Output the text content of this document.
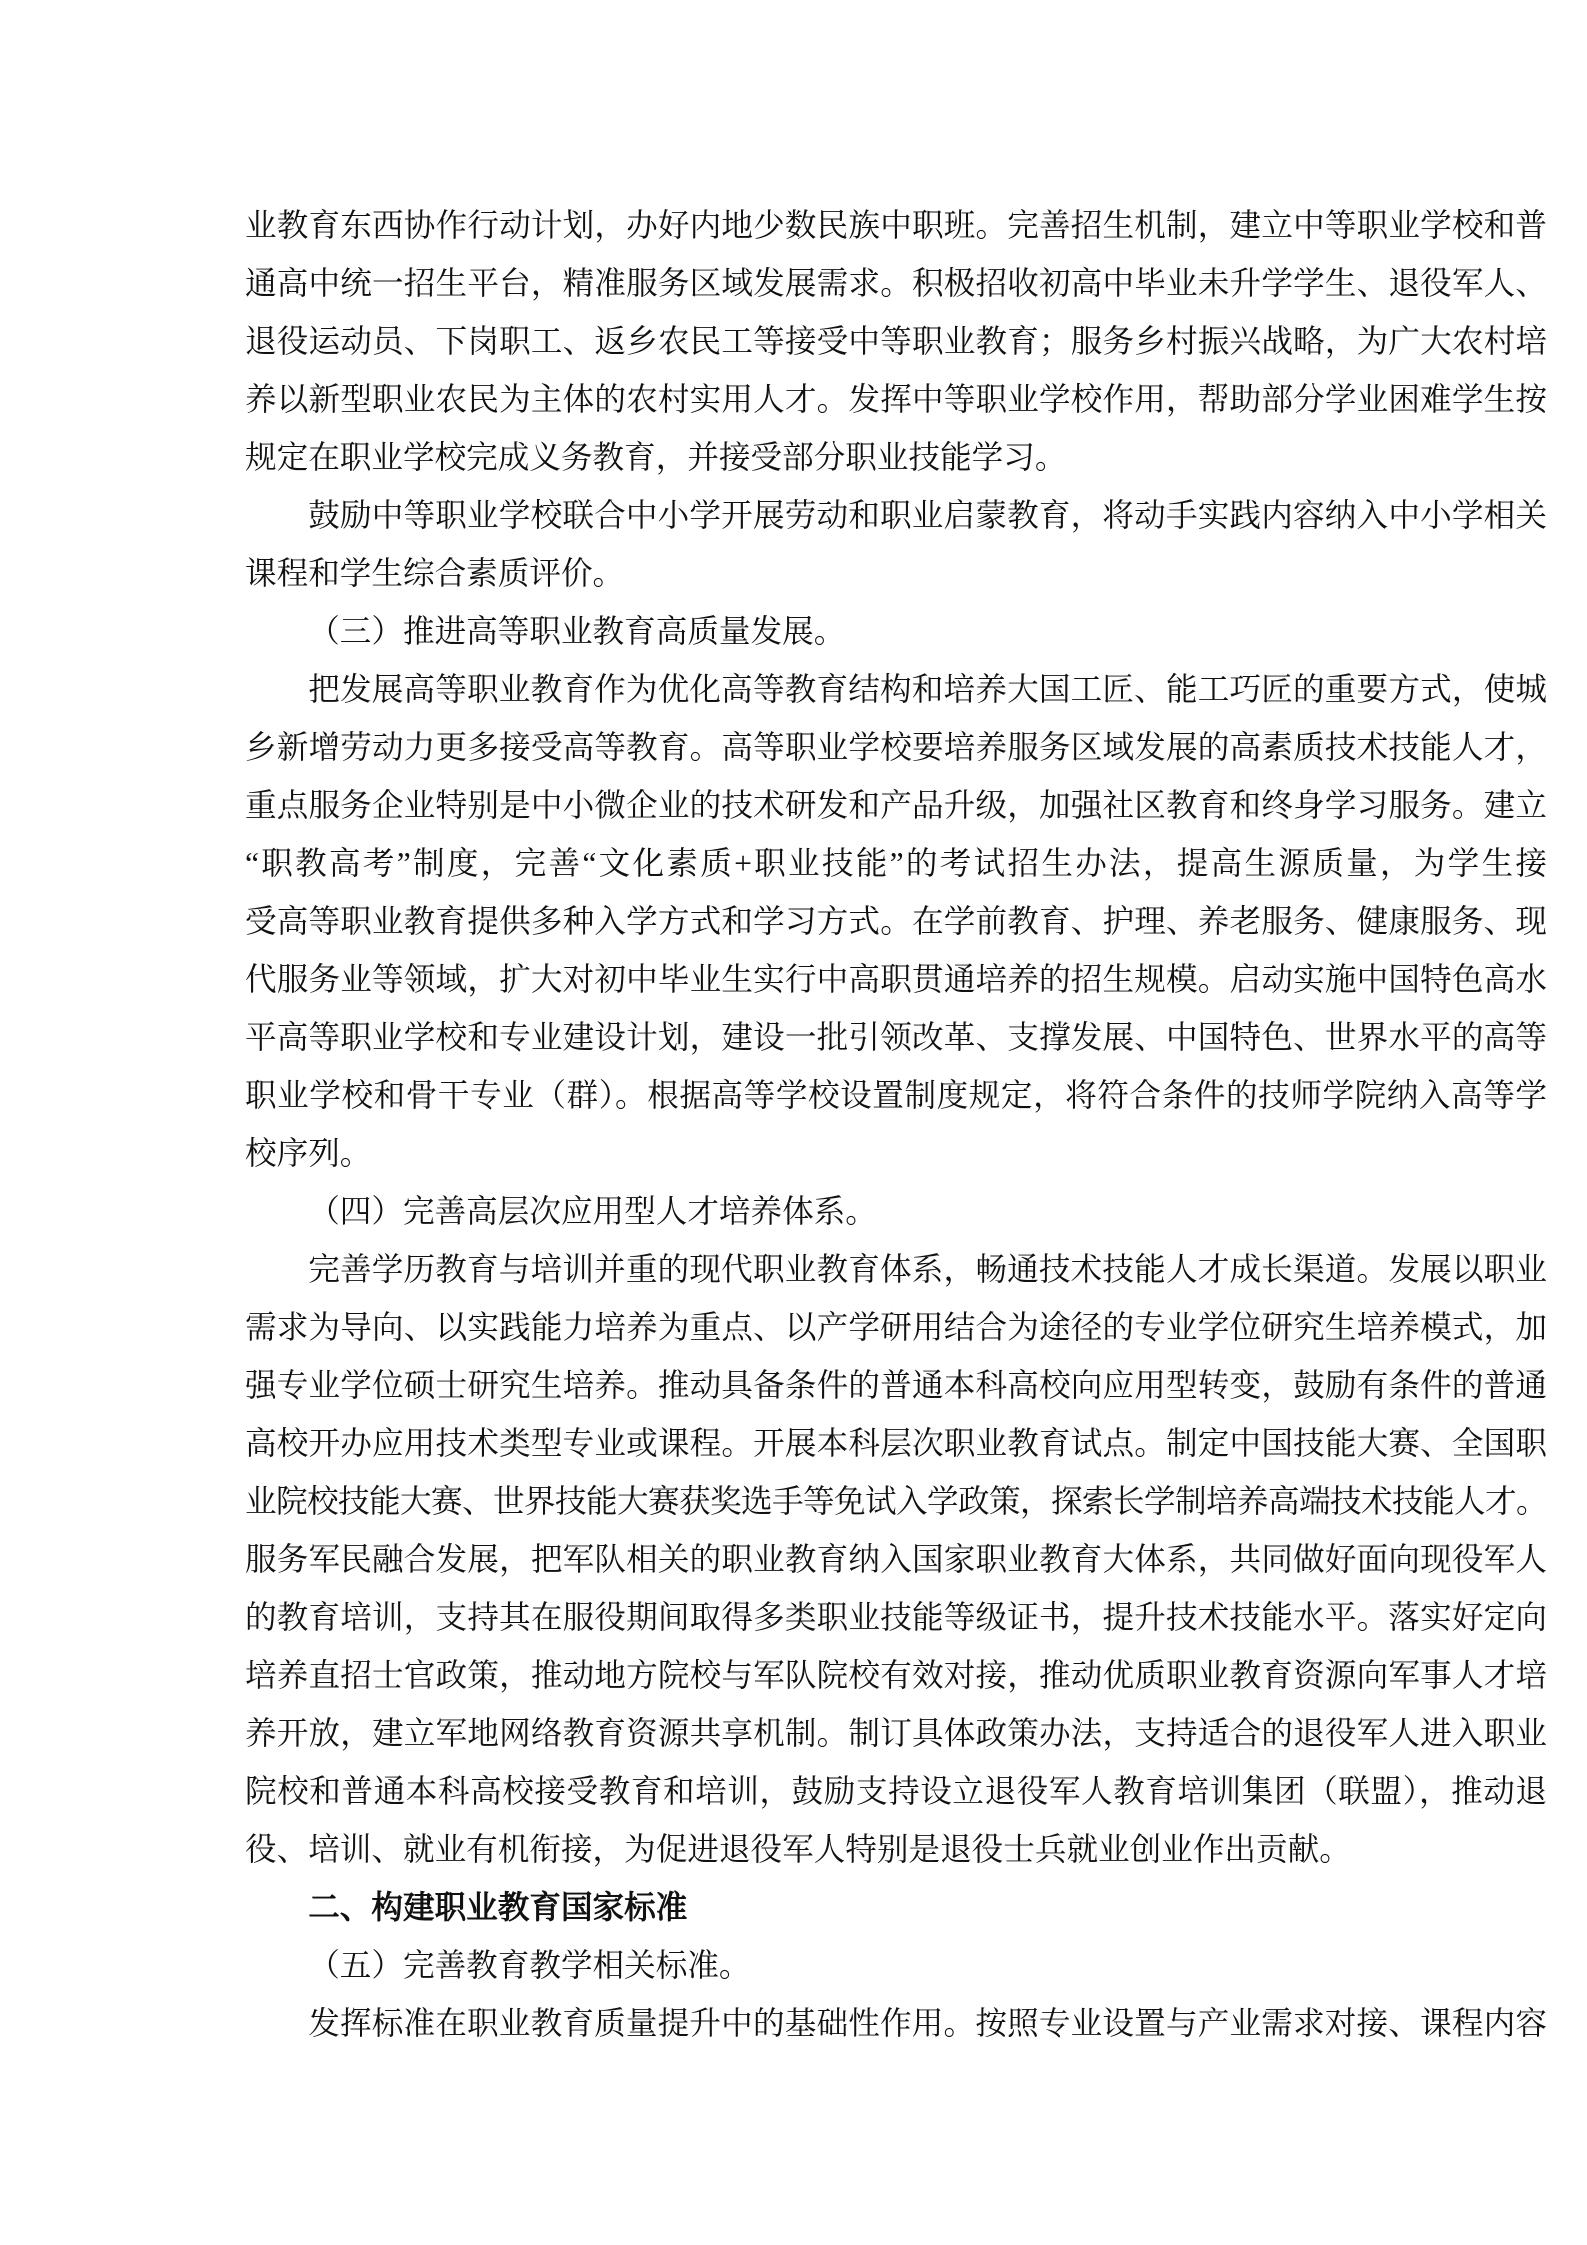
业教育东西协作行动计划，办好内地少数民族中职班。完善招生机制，建立中等职业学校和普
通高中统一招生平台，精准服务区域发展需求。积极招收初高中毕业未升学学生、退役军人、
退役运动员、下岗职工、返乡农民工等接受中等职业教育；服务乡村振兴战略，为广大农村培
养以新型职业农民为主体的农村实用人才。发挥中等职业学校作用，帮助部分学业困难学生按
规定在职业学校完成义务教育，并接受部分职业技能学习。
鼓励中等职业学校联合中小学开展劳动和职业启蒙教育，将动手实践内容纳入中小学相关
课程和学生综合素质评价。
（三）推进高等职业教育高质量发展。
把发展高等职业教育作为优化高等教育结构和培养大国工匠、能工巧匠的重要方式，使城
乡新增劳动力更多接受高等教育。高等职业学校要培养服务区域发展的高素质技术技能人才，
重点服务企业特别是中小微企业的技术研发和产品升级，加强社区教育和终身学习服务。建立
“职教高考”制度，完善“文化素质+职业技能”的考试招生办法，提高生源质量，为学生接
受高等职业教育提供多种入学方式和学习方式。在学前教育、护理、养老服务、健康服务、现
代服务业等领域，扩大对初中毕业生实行中高职贯通培养的招生规模。启动实施中国特色高水
平高等职业学校和专业建设计划，建设一批引领改革、支撑发展、中国特色、世界水平的高等
职业学校和骨干专业（群）。根据高等学校设置制度规定，将符合条件的技师学院纳入高等学
校序列。
（四）完善高层次应用型人才培养体系。
完善学历教育与培训并重的现代职业教育体系，畅通技术技能人才成长渠道。发展以职业
需求为导向、以实践能力培养为重点、以产学研用结合为途径的专业学位研究生培养模式，加
强专业学位硕士研究生培养。推动具备条件的普通本科高校向应用型转变，鼓励有条件的普通
高校开办应用技术类型专业或课程。开展本科层次职业教育试点。制定中国技能大赛、全国职
业院校技能大赛、世界技能大赛获奖选手等免试入学政策，探索长学制培养高端技术技能人才。
服务军民融合发展，把军队相关的职业教育纳入国家职业教育大体系，共同做好面向现役军人
的教育培训，支持其在服役期间取得多类职业技能等级证书，提升技术技能水平。落实好定向
培养直招士官政策，推动地方院校与军队院校有效对接，推动优质职业教育资源向军事人才培
养开放，建立军地网络教育资源共享机制。制订具体政策办法，支持适合的退役军人进入职业
院校和普通本科高校接受教育和培训，鼓励支持设立退役军人教育培训集团（联盟），推动退
役、培训、就业有机衔接，为促进退役军人特别是退役士兵就业创业作出贡献。
二、构建职业教育国家标准
（五）完善教育教学相关标准。
发挥标准在职业教育质量提升中的基础性作用。按照专业设置与产业需求对接、课程内容
